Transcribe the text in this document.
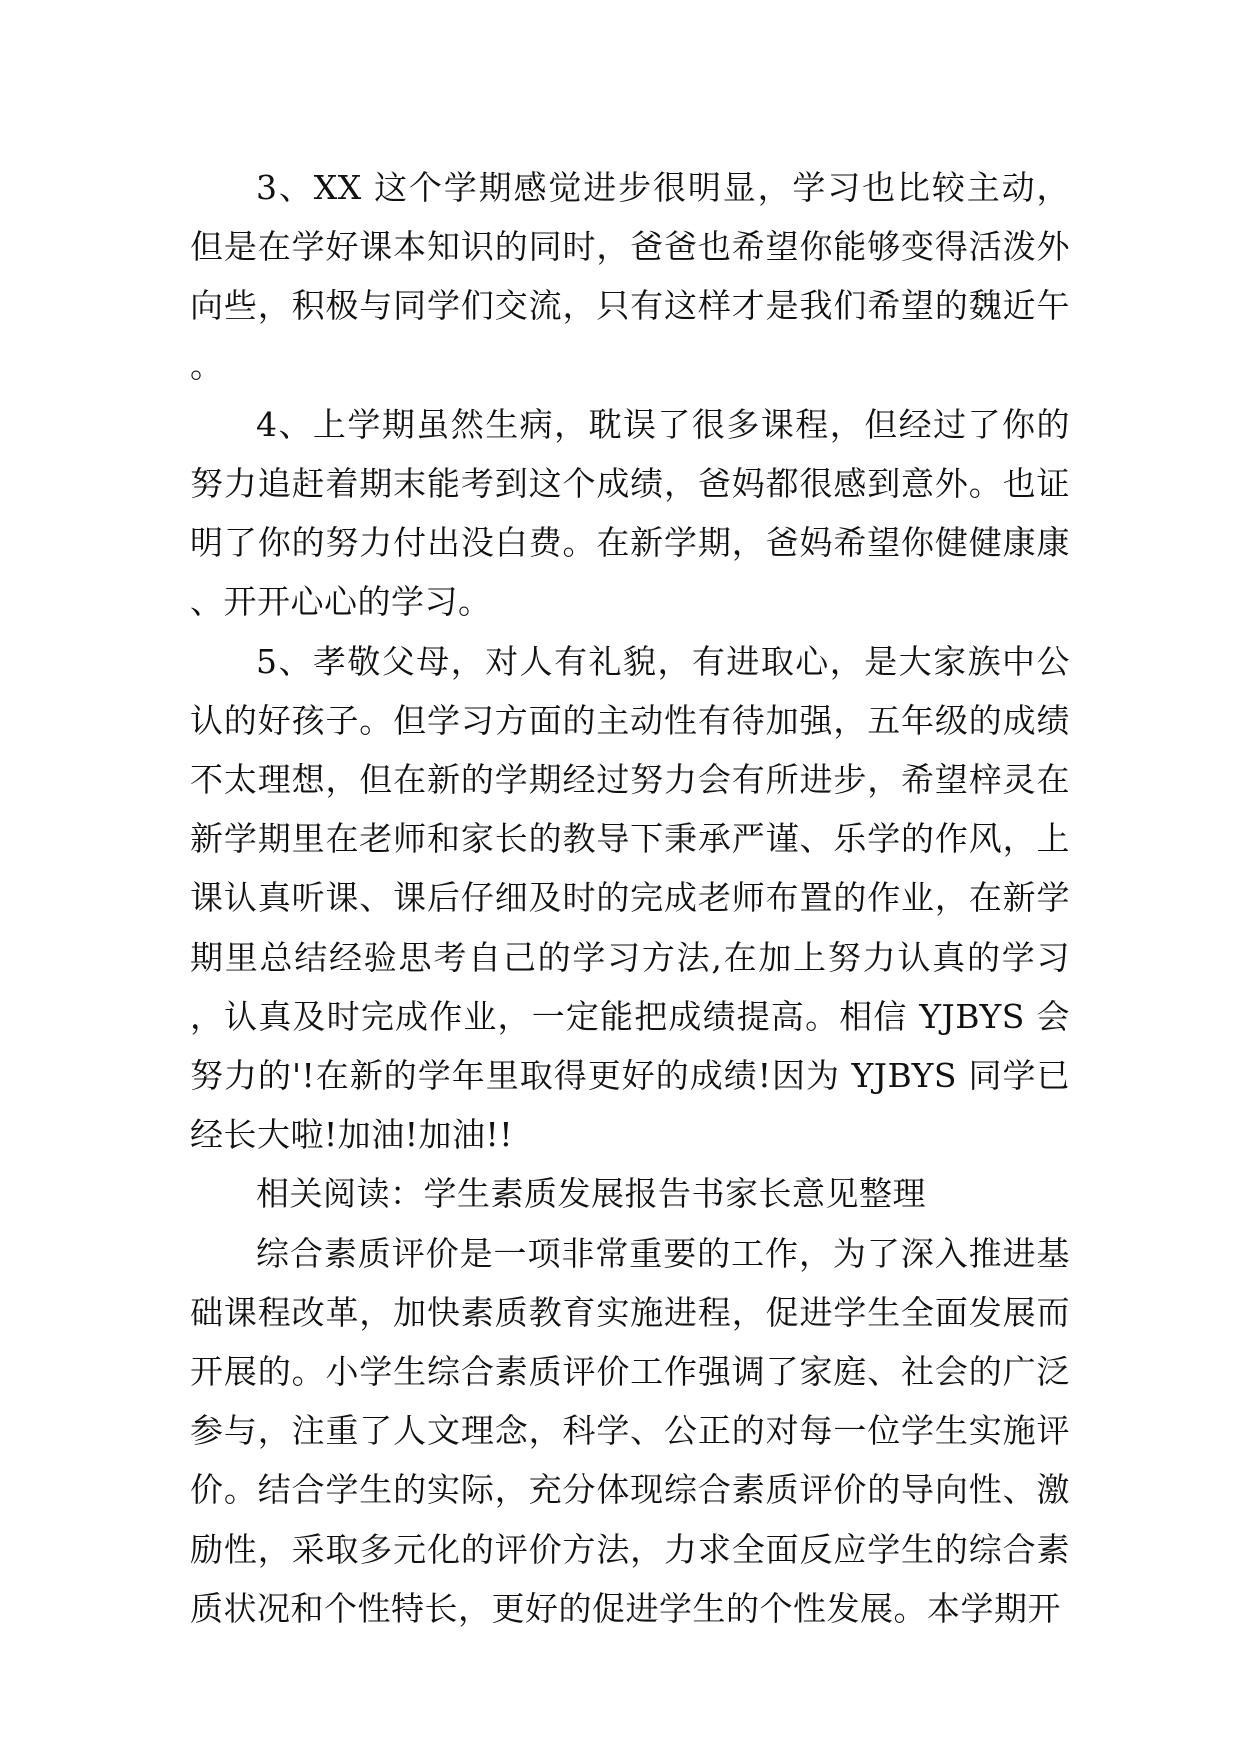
3、XX 这个学期感觉进步很明显，学习也比较主动，但是在学好课本知识的同时，爸爸也希望你能够变得活泼外向些，积极与同学们交流，只有这样才是我们希望的魏近午。

4、上学期虽然生病，耽误了很多课程，但经过了你的努力追赶着期末能考到这个成绩，爸妈都很感到意外。也证明了你的努力付出没白费。在新学期，爸妈希望你健健康康、开开心心的学习。

5、孝敬父母，对人有礼貌，有进取心，是大家族中公认的好孩子。但学习方面的主动性有待加强，五年级的成绩不太理想，但在新的学期经过努力会有所进步，希望梓灵在新学期里在老师和家长的教导下秉承严谨、乐学的作风，上课认真听课、课后仔细及时的完成老师布置的作业，在新学期里总结经验思考自己的学习方法,在加上努力认真的学习，认真及时完成作业，一定能把成绩提高。相信 YJBYS 会努力的'!在新的学年里取得更好的成绩!因为 YJBYS 同学已经长大啦!加油!加油!!

相关阅读：学生素质发展报告书家长意见整理

综合素质评价是一项非常重要的工作，为了深入推进基础课程改革，加快素质教育实施进程，促进学生全面发展而开展的。小学生综合素质评价工作强调了家庭、社会的广泛参与，注重了人文理念，科学、公正的对每一位学生实施评价。结合学生的实际，充分体现综合素质评价的导向性、激励性，采取多元化的评价方法，力求全面反应学生的综合素质状况和个性特长，更好的促进学生的个性发展。本学期开
